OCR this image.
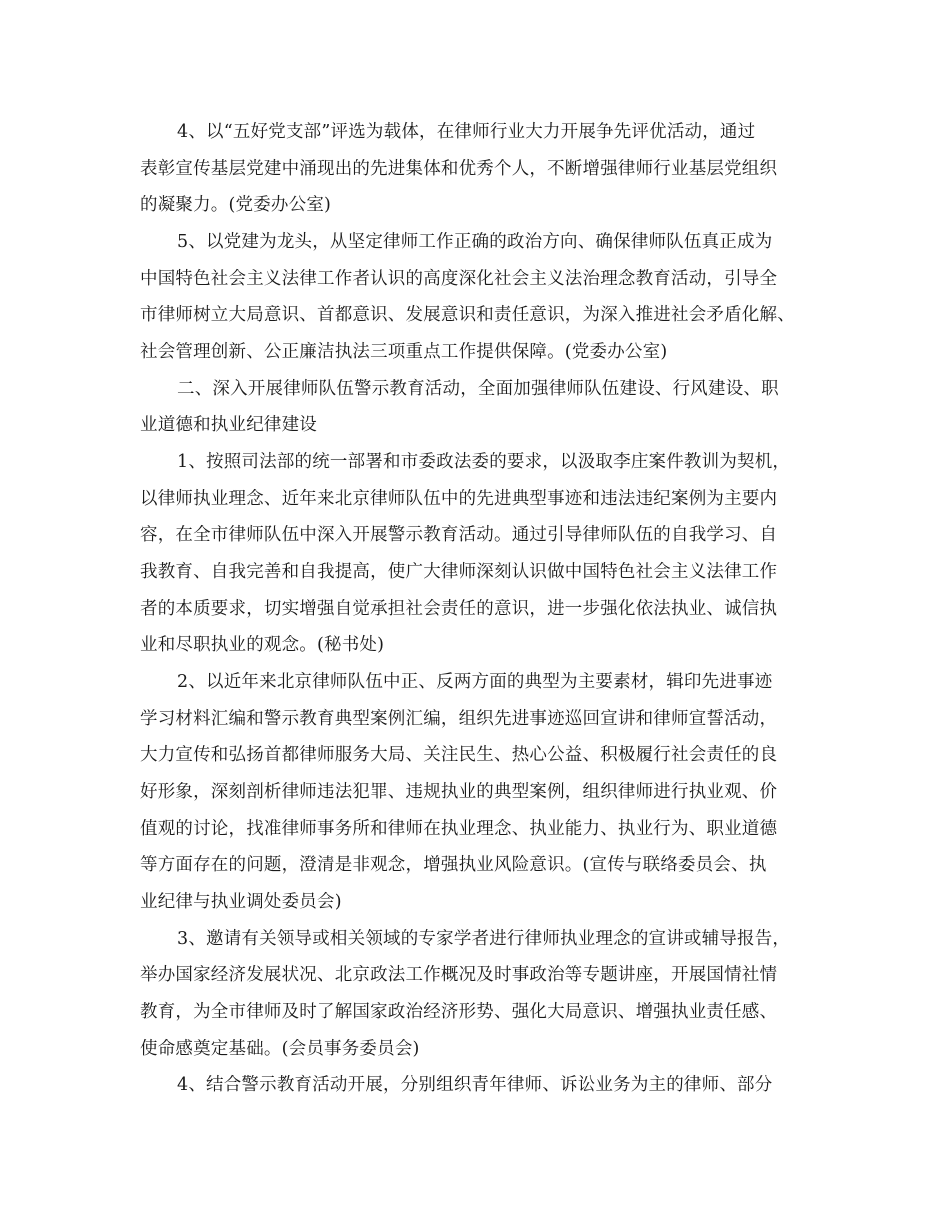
4、以“五好党支部”评选为载体，在律师行业大力开展争先评优活动，通过
表彰宣传基层党建中涌现出的先进集体和优秀个人，不断增强律师行业基层党组织
的凝聚力。(党委办公室)
5、以党建为龙头，从坚定律师工作正确的政治方向、确保律师队伍真正成为
中国特色社会主义法律工作者认识的高度深化社会主义法治理念教育活动，引导全
市律师树立大局意识、首都意识、发展意识和责任意识，为深入推进社会矛盾化解、
社会管理创新、公正廉洁执法三项重点工作提供保障。(党委办公室)
二、深入开展律师队伍警示教育活动，全面加强律师队伍建设、行风建设、职
业道德和执业纪律建设
1、按照司法部的统一部署和市委政法委的要求，以汲取李庄案件教训为契机，
以律师执业理念、近年来北京律师队伍中的先进典型事迹和违法违纪案例为主要内
容，在全市律师队伍中深入开展警示教育活动。通过引导律师队伍的自我学习、自
我教育、自我完善和自我提高，使广大律师深刻认识做中国特色社会主义法律工作
者的本质要求，切实增强自觉承担社会责任的意识，进一步强化依法执业、诚信执
业和尽职执业的观念。(秘书处)
2、以近年来北京律师队伍中正、反两方面的典型为主要素材，辑印先进事迹
学习材料汇编和警示教育典型案例汇编，组织先进事迹巡回宣讲和律师宣誓活动，
大力宣传和弘扬首都律师服务大局、关注民生、热心公益、积极履行社会责任的良
好形象，深刻剖析律师违法犯罪、违规执业的典型案例，组织律师进行执业观、价
值观的讨论，找准律师事务所和律师在执业理念、执业能力、执业行为、职业道德
等方面存在的问题，澄清是非观念，增强执业风险意识。(宣传与联络委员会、执
业纪律与执业调处委员会)
3、邀请有关领导或相关领域的专家学者进行律师执业理念的宣讲或辅导报告，
举办国家经济发展状况、北京政法工作概况及时事政治等专题讲座，开展国情社情
教育，为全市律师及时了解国家政治经济形势、强化大局意识、增强执业责任感、
使命感奠定基础。(会员事务委员会)
4、结合警示教育活动开展，分别组织青年律师、诉讼业务为主的律师、部分
